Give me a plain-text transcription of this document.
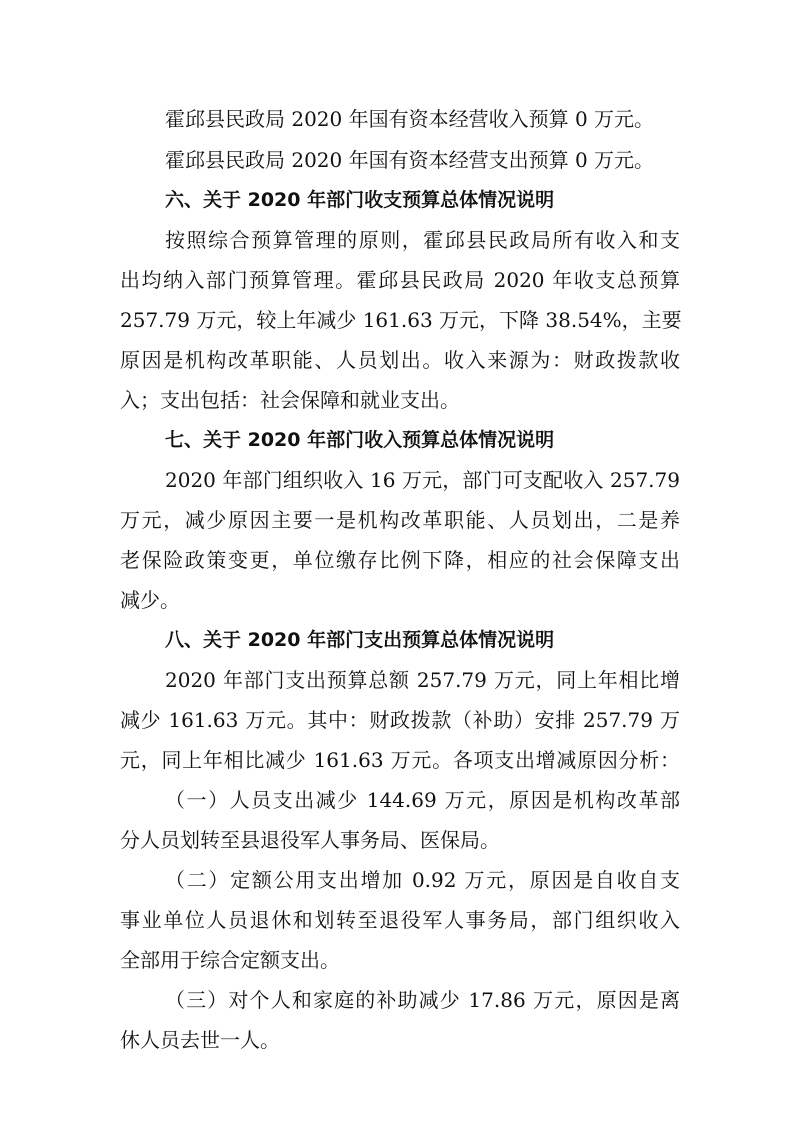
霍邱县民政局 2020 年国有资本经营收入预算 0 万元。
霍邱县民政局 2020 年国有资本经营支出预算 0 万元。
六、关于 2020 年部门收支预算总体情况说明
按照综合预算管理的原则，霍邱县民政局所有收入和支
出均纳入部门预算管理。霍邱县民政局 2020 年收支总预算
257.79 万元，较上年减少 161.63 万元，下降 38.54%，主要
原因是机构改革职能、人员划出。收入来源为：财政拨款收
入；支出包括：社会保障和就业支出。
七、关于 2020 年部门收入预算总体情况说明
2020 年部门组织收入 16 万元，部门可支配收入 257.79
万元，减少原因主要一是机构改革职能、人员划出，二是养
老保险政策变更，单位缴存比例下降，相应的社会保障支出
减少。
八、关于 2020 年部门支出预算总体情况说明
2020 年部门支出预算总额 257.79 万元，同上年相比增
减少 161.63 万元。其中：财政拨款（补助）安排 257.79 万
元，同上年相比减少 161.63 万元。各项支出增减原因分析：
（一）人员支出减少 144.69 万元，原因是机构改革部
分人员划转至县退役军人事务局、医保局。
（二）定额公用支出增加 0.92 万元，原因是自收自支
事业单位人员退休和划转至退役军人事务局，部门组织收入
全部用于综合定额支出。
（三）对个人和家庭的补助减少 17.86 万元，原因是离
休人员去世一人。
